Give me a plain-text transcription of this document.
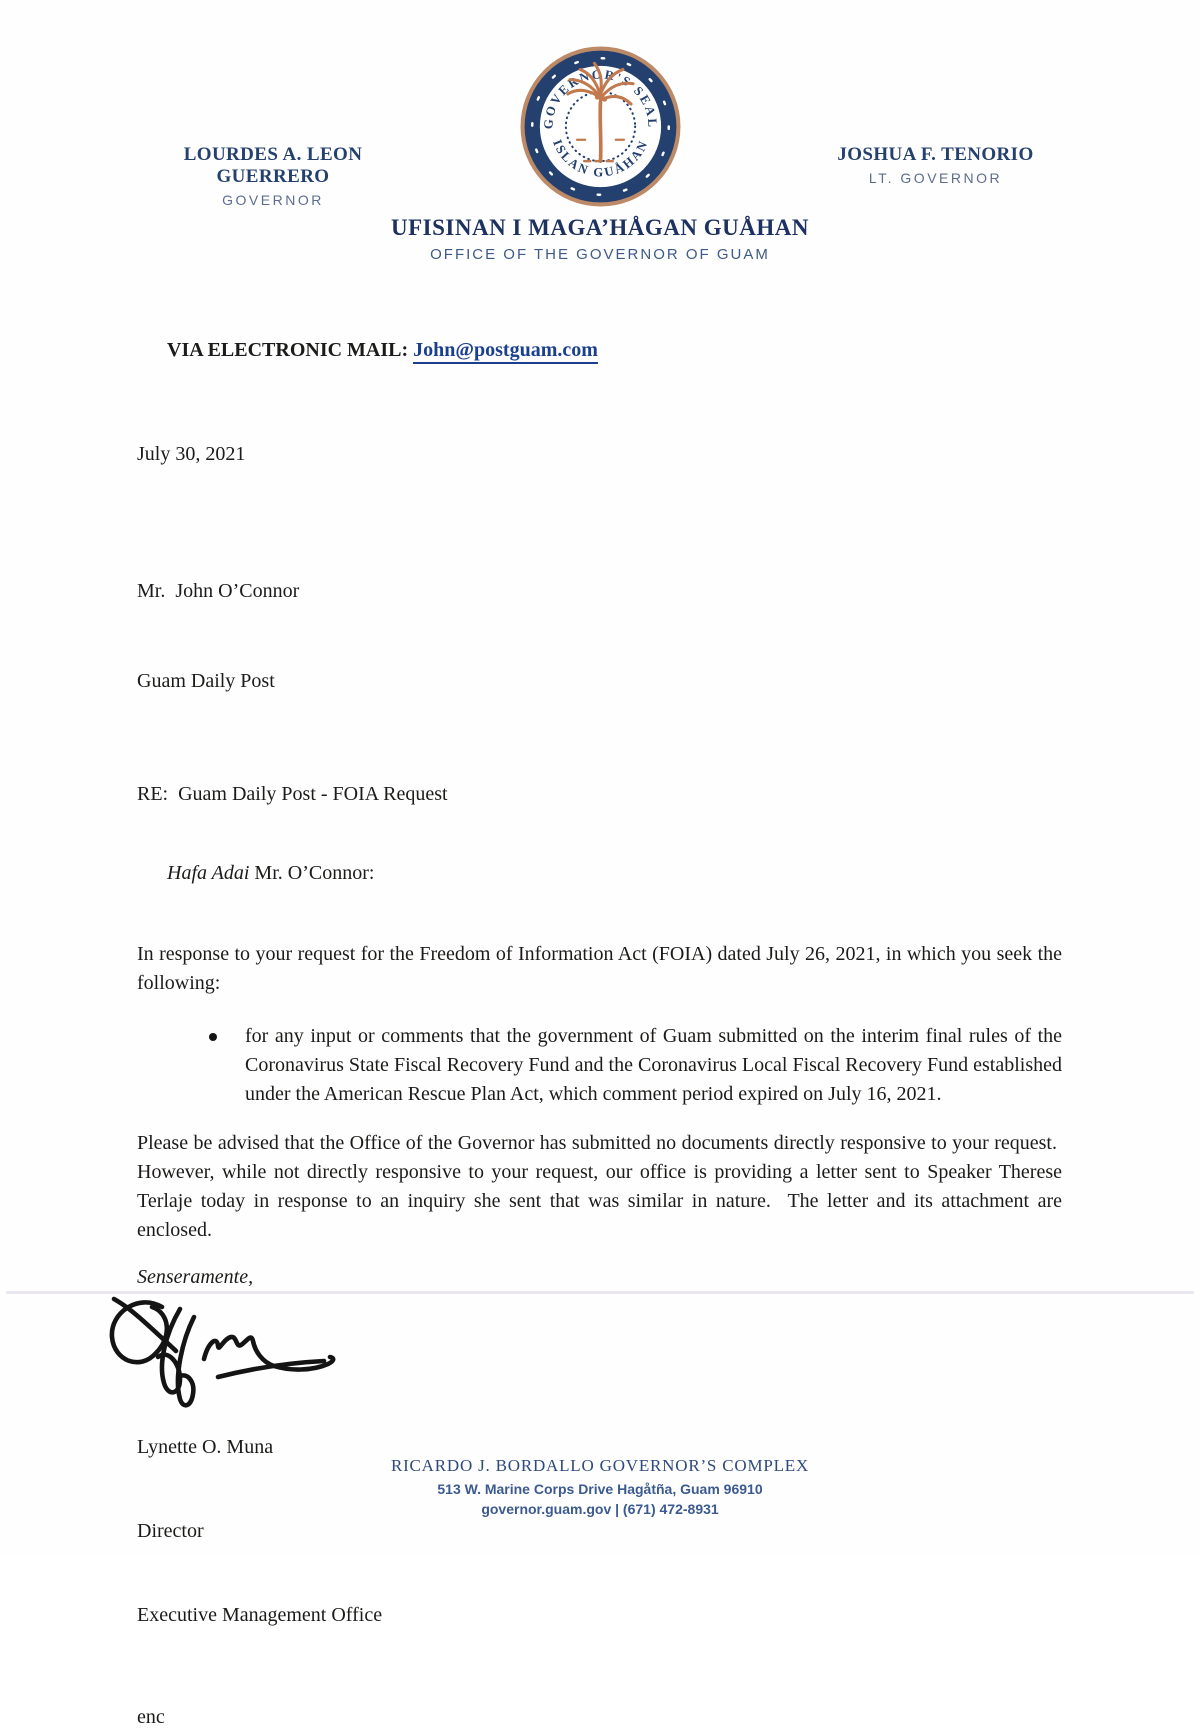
LOURDES A. LEON GUERRERO
GOVERNOR
GOVERNOR'S SEAL
ISLAN GUÅHAN	JOSHUA F. TENORIO
LT. GOVERNOR
UFISINAN I MAGA’HÅGAN GUÅHAN
OFFICE OF THE GOVERNOR OF GUAM

VIA ELECTRONIC MAIL: John@postguam.com

July 30, 2021

Mr.  John O’Connor

Guam Daily Post

RE:  Guam Daily Post - FOIA Request

Hafa Adai Mr. O’Connor:

In response to your request for the Freedom of Information Act (FOIA) dated July 26, 2021, in which you seek the following:
for any input or comments that the government of Guam submitted on the interim final rules of the Coronavirus State Fiscal Recovery Fund and the Coronavirus Local Fiscal Recovery Fund established under the American Rescue Plan Act, which comment period expired on July 16, 2021.
Please be advised that the Office of the Governor has submitted no documents directly responsive to your request.  However, while not directly responsive to your request, our office is providing a letter sent to Speaker Therese Terlaje today in response to an inquiry she sent that was similar in nature.  The letter and its attachment are enclosed.
Senseramente,

Lynette O. Muna

Director

Executive Management Office

enc
RICARDO J. BORDALLO GOVERNOR’S COMPLEX
513 W. Marine Corps Drive Hagåtña, Guam 96910
governor.guam.gov | (671) 472-8931
